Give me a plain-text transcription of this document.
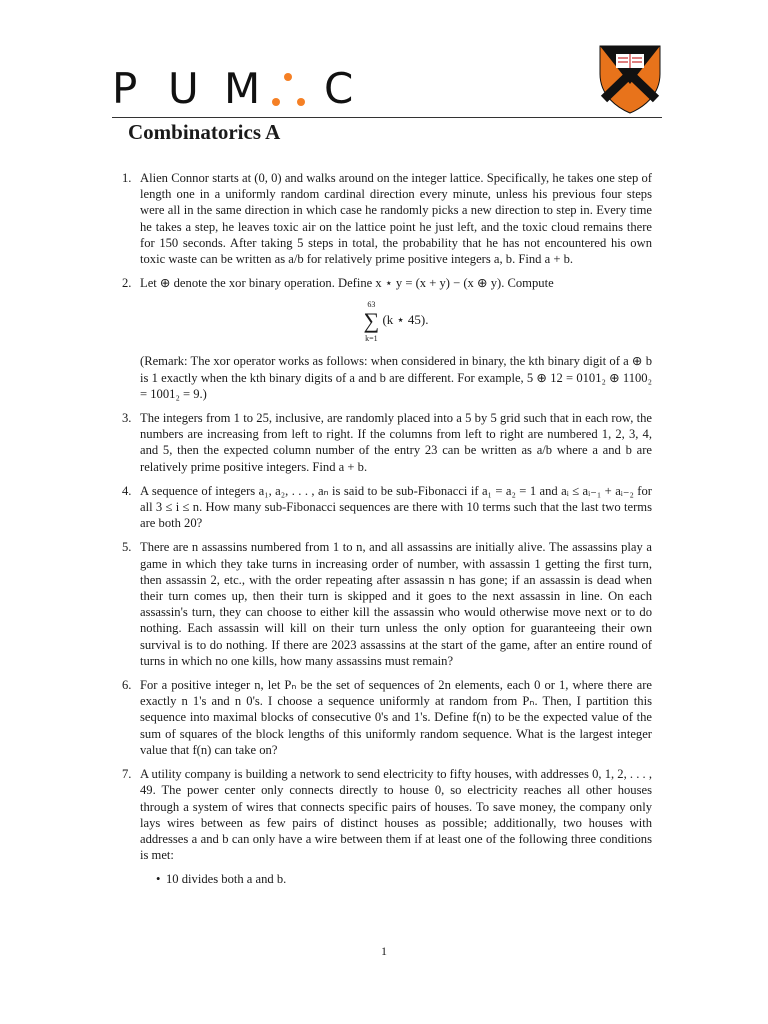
P U M C
Combinatorics A
1. Alien Connor starts at (0, 0) and walks around on the integer lattice. Specifically, he takes one step of length one in a uniformly random cardinal direction every minute, unless his previous four steps were all in the same direction in which case he randomly picks a new direction to step in. Every time he takes a step, he leaves toxic air on the lattice point he just left, and the toxic cloud remains there for 150 seconds. After taking 5 steps in total, the probability that he has not encountered his own toxic waste can be written as a/b for relatively prime positive integers a, b. Find a + b.
2. Let ⊕ denote the xor binary operation. Define x ⋆ y = (x + y) − (x ⊕ y). Compute
63
∑
k=1 (k ⋆ 45).
(Remark: The xor operator works as follows: when considered in binary, the kth binary digit of a ⊕ b is 1 exactly when the kth binary digits of a and b are different. For example, 5 ⊕ 12 = 0101₂ ⊕ 1100₂ = 1001₂ = 9.)
3. The integers from 1 to 25, inclusive, are randomly placed into a 5 by 5 grid such that in each row, the numbers are increasing from left to right. If the columns from left to right are numbered 1, 2, 3, 4, and 5, then the expected column number of the entry 23 can be written as a/b where a and b are relatively prime positive integers. Find a + b.
4. A sequence of integers a₁, a₂, . . . , aₙ is said to be sub-Fibonacci if a₁ = a₂ = 1 and aᵢ ≤ aᵢ₋₁ + aᵢ₋₂ for all 3 ≤ i ≤ n. How many sub-Fibonacci sequences are there with 10 terms such that the last two terms are both 20?
5. There are n assassins numbered from 1 to n, and all assassins are initially alive. The assassins play a game in which they take turns in increasing order of number, with assassin 1 getting the first turn, then assassin 2, etc., with the order repeating after assassin n has gone; if an assassin is dead when their turn comes up, then their turn is skipped and it goes to the next assassin in line. On each assassin's turn, they can choose to either kill the assassin who would otherwise move next or to do nothing. Each assassin will kill on their turn unless the only option for guaranteeing their own survival is to do nothing. If there are 2023 assassins at the start of the game, after an entire round of turns in which no one kills, how many assassins must remain?
6. For a positive integer n, let Pₙ be the set of sequences of 2n elements, each 0 or 1, where there are exactly n 1's and n 0's. I choose a sequence uniformly at random from Pₙ. Then, I partition this sequence into maximal blocks of consecutive 0's and 1's. Define f(n) to be the expected value of the sum of squares of the block lengths of this uniformly random sequence. What is the largest integer value that f(n) can take on?
7. A utility company is building a network to send electricity to fifty houses, with addresses 0, 1, 2, . . . , 49. The power center only connects directly to house 0, so electricity reaches all other houses through a system of wires that connects specific pairs of houses. To save money, the company only lays wires between as few pairs of distinct houses as possible; additionally, two houses with addresses a and b can only have a wire between them if at least one of the following three conditions is met:
• 10 divides both a and b.
1
